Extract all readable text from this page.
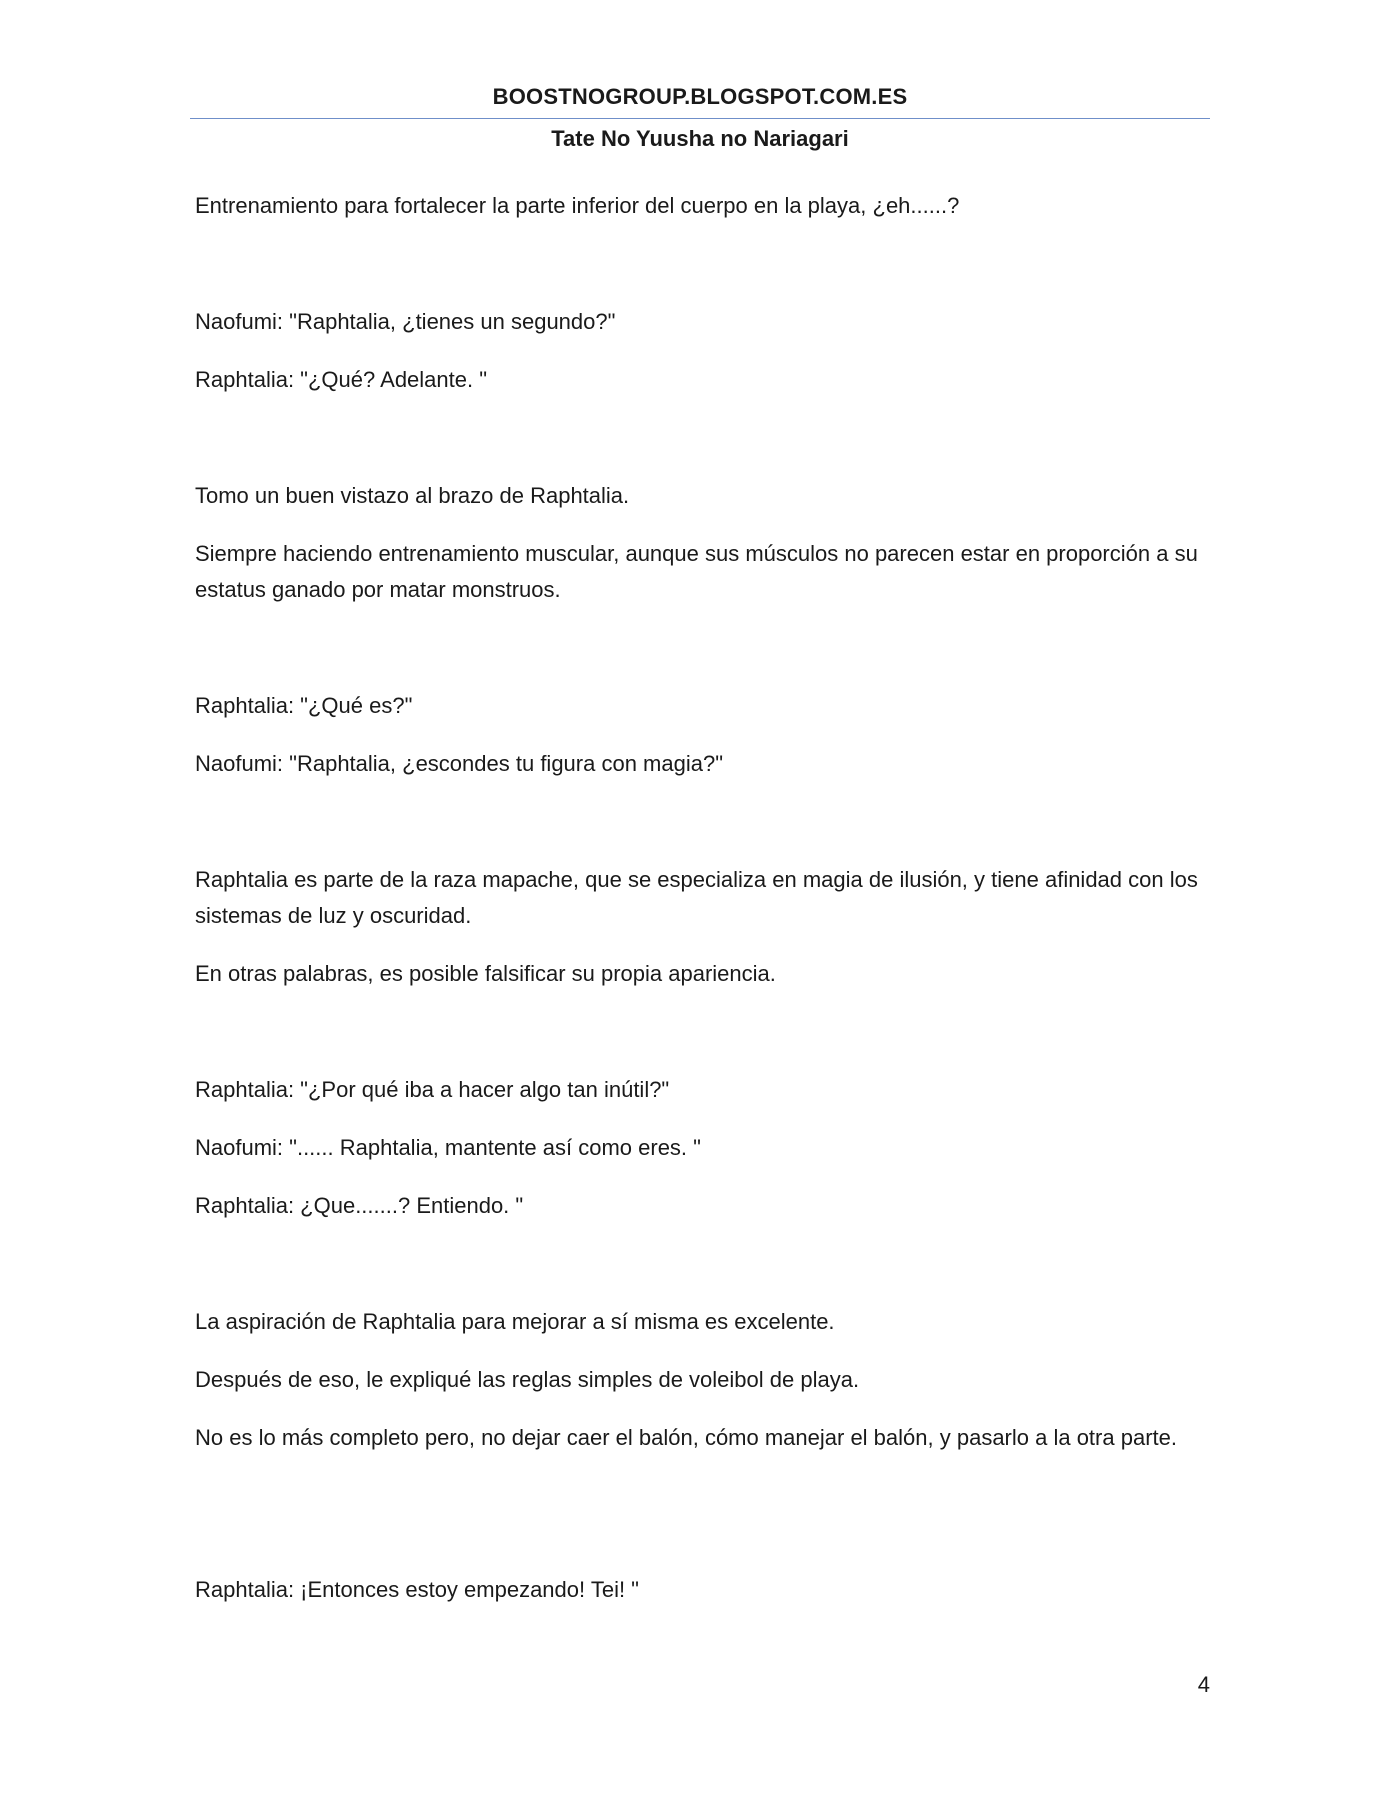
BOOSTNOGROUP.BLOGSPOT.COM.ES
Tate No Yuusha no Nariagari

Entrenamiento para fortalecer la parte inferior del cuerpo en la playa, ¿eh......?

Naofumi: "Raphtalia, ¿tienes un segundo?"

Raphtalia: "¿Qué? Adelante. "

Tomo un buen vistazo al brazo de Raphtalia.

Siempre haciendo entrenamiento muscular, aunque sus músculos no parecen estar en proporción a su estatus ganado por matar monstruos.

Raphtalia: "¿Qué es?"

Naofumi: "Raphtalia, ¿escondes tu figura con magia?"

Raphtalia es parte de la raza mapache, que se especializa en magia de ilusión, y tiene afinidad con los sistemas de luz y oscuridad.

En otras palabras, es posible falsificar su propia apariencia.

Raphtalia: "¿Por qué iba a hacer algo tan inútil?"

Naofumi: "...... Raphtalia, mantente así como eres. "

Raphtalia: ¿Que.......? Entiendo. "

La aspiración de Raphtalia para mejorar a sí misma es excelente.

Después de eso, le expliqué las reglas simples de voleibol de playa.

No es lo más completo pero, no dejar caer el balón, cómo manejar el balón, y pasarlo a la otra parte.

Raphtalia: ¡Entonces estoy empezando! Tei! "

4
